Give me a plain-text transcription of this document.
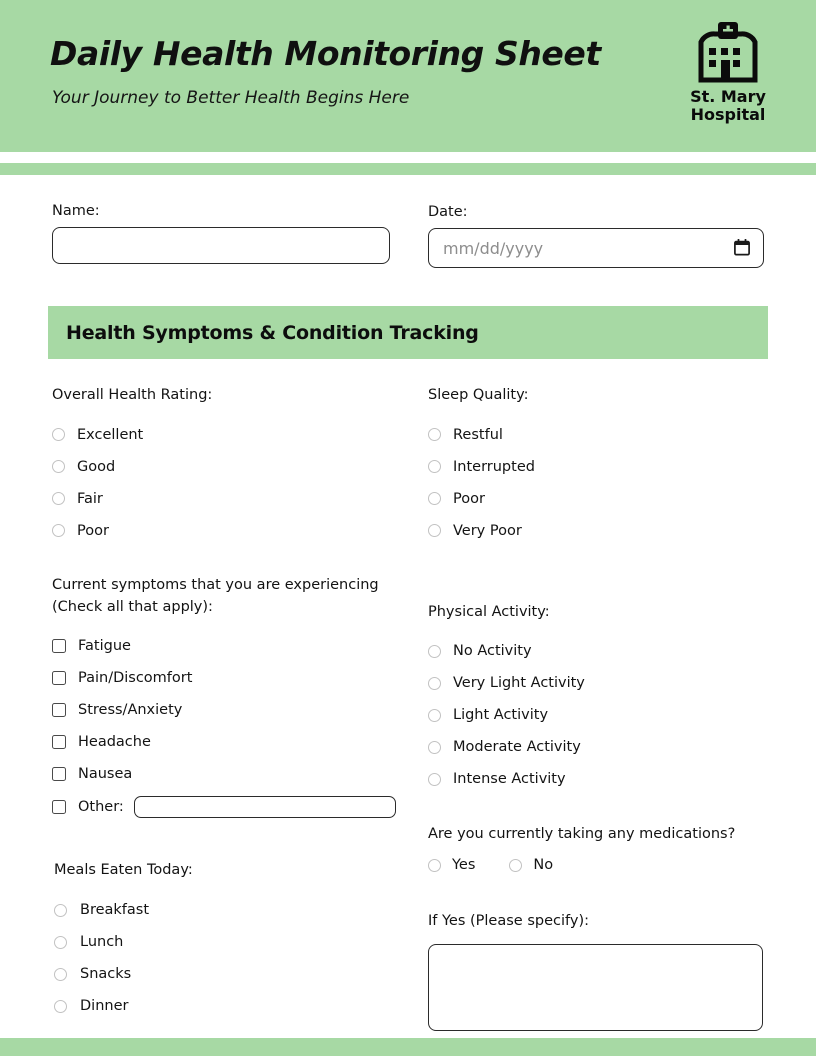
Daily Health Monitoring Sheet
Your Journey to Better Health Begins Here	St. Mary
Hospital
Name:	Date:
mm/dd/yyyy
Health Symptoms & Condition Tracking
Overall Health Rating:
Excellent
Good
Fair
Poor
Current symptoms that you are experiencing (Check all that apply):
Fatigue
Pain/Discomfort
Stress/Anxiety
Headache
Nausea
Other:
Meals Eaten Today:
Breakfast
Lunch
Snacks
Dinner
Sleep Quality:
Restful
Interrupted
Poor
Very Poor
Physical Activity:
No Activity
Very Light Activity
Light Activity
Moderate Activity
Intense Activity
Are you currently taking any medications?
Yes	No
If Yes (Please specify):
